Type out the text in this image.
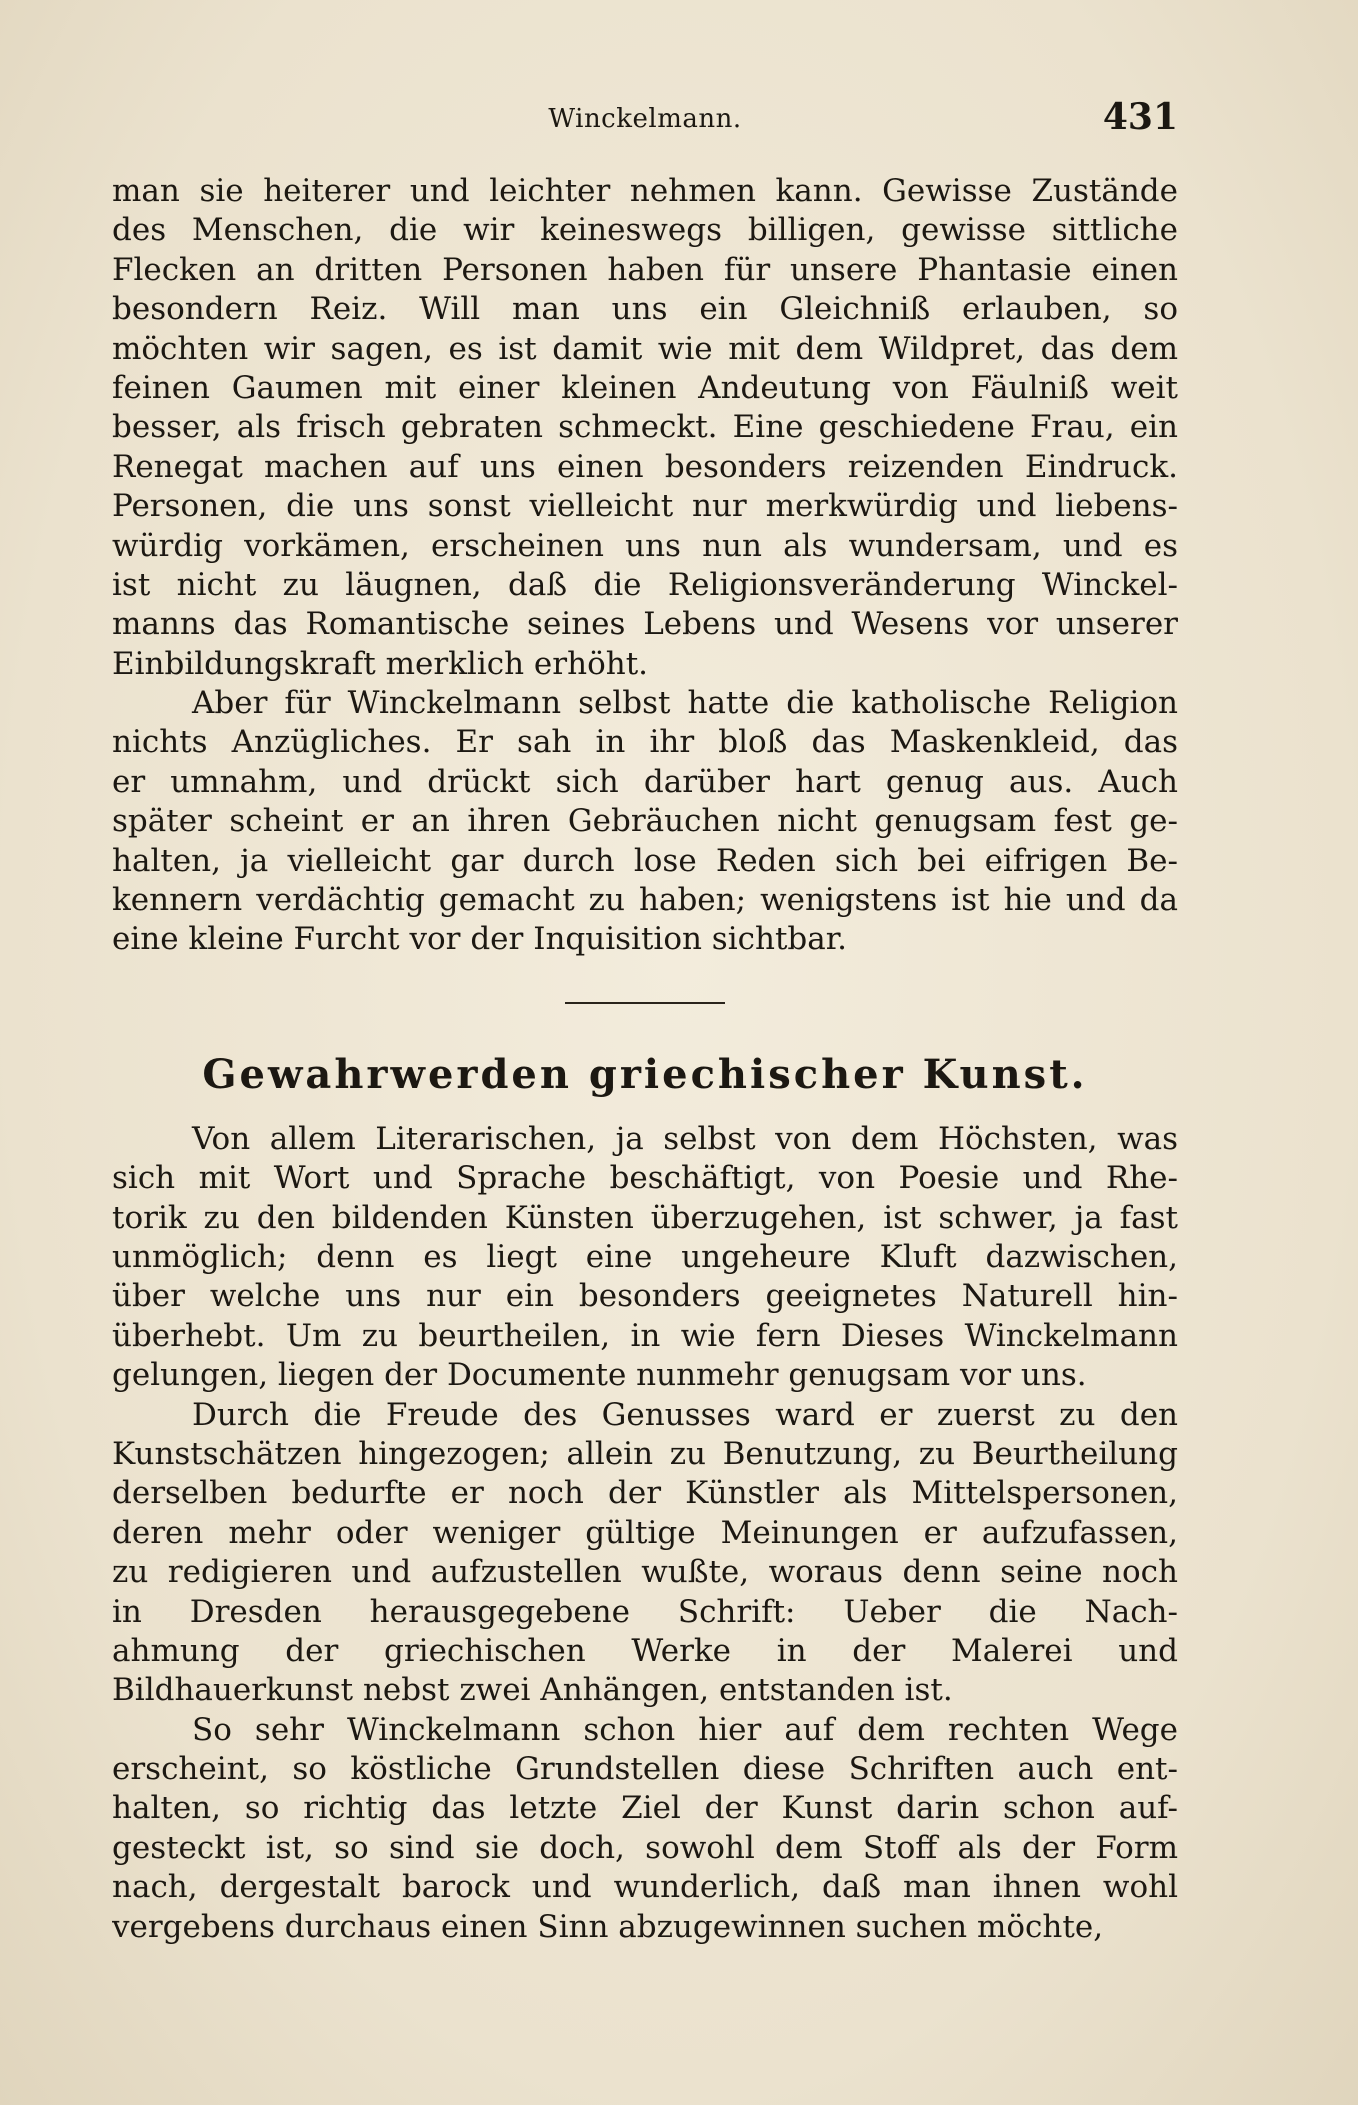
Winckelmann.	431
man sie heiterer und leichter nehmen kann. Gewisse Zustände
des Menschen, die wir keineswegs billigen, gewisse sittliche
Flecken an dritten Personen haben für unsere Phantasie einen
besondern Reiz. Will man uns ein Gleichniß erlauben, so
möchten wir sagen, es ist damit wie mit dem Wildpret, das dem
feinen Gaumen mit einer kleinen Andeutung von Fäulniß weit
besser, als frisch gebraten schmeckt. Eine geschiedene Frau, ein
Renegat machen auf uns einen besonders reizenden Eindruck.
Personen, die uns sonst vielleicht nur merkwürdig und liebens-
würdig vorkämen, erscheinen uns nun als wundersam, und es
ist nicht zu läugnen, daß die Religionsveränderung Winckel-
manns das Romantische seines Lebens und Wesens vor unserer
Einbildungskraft merklich erhöht.
Aber für Winckelmann selbst hatte die katholische Religion
nichts Anzügliches. Er sah in ihr bloß das Maskenkleid, das
er umnahm, und drückt sich darüber hart genug aus. Auch
später scheint er an ihren Gebräuchen nicht genugsam fest ge-
halten, ja vielleicht gar durch lose Reden sich bei eifrigen Be-
kennern verdächtig gemacht zu haben; wenigstens ist hie und da
eine kleine Furcht vor der Inquisition sichtbar.
Gewahrwerden griechischer Kunst.
Von allem Literarischen, ja selbst von dem Höchsten, was
sich mit Wort und Sprache beschäftigt, von Poesie und Rhe-
torik zu den bildenden Künsten überzugehen, ist schwer, ja fast
unmöglich; denn es liegt eine ungeheure Kluft dazwischen,
über welche uns nur ein besonders geeignetes Naturell hin-
überhebt. Um zu beurtheilen, in wie fern Dieses Winckelmann
gelungen, liegen der Documente nunmehr genugsam vor uns.
Durch die Freude des Genusses ward er zuerst zu den
Kunstschätzen hingezogen; allein zu Benutzung, zu Beurtheilung
derselben bedurfte er noch der Künstler als Mittelspersonen,
deren mehr oder weniger gültige Meinungen er aufzufassen,
zu redigieren und aufzustellen wußte, woraus denn seine noch
in Dresden herausgegebene Schrift: Ueber die Nach-
ahmung der griechischen Werke in der Malerei und
Bildhauerkunst nebst zwei Anhängen, entstanden ist.
So sehr Winckelmann schon hier auf dem rechten Wege
erscheint, so köstliche Grundstellen diese Schriften auch ent-
halten, so richtig das letzte Ziel der Kunst darin schon auf-
gesteckt ist, so sind sie doch, sowohl dem Stoff als der Form
nach, dergestalt barock und wunderlich, daß man ihnen wohl
vergebens durchaus einen Sinn abzugewinnen suchen möchte,
